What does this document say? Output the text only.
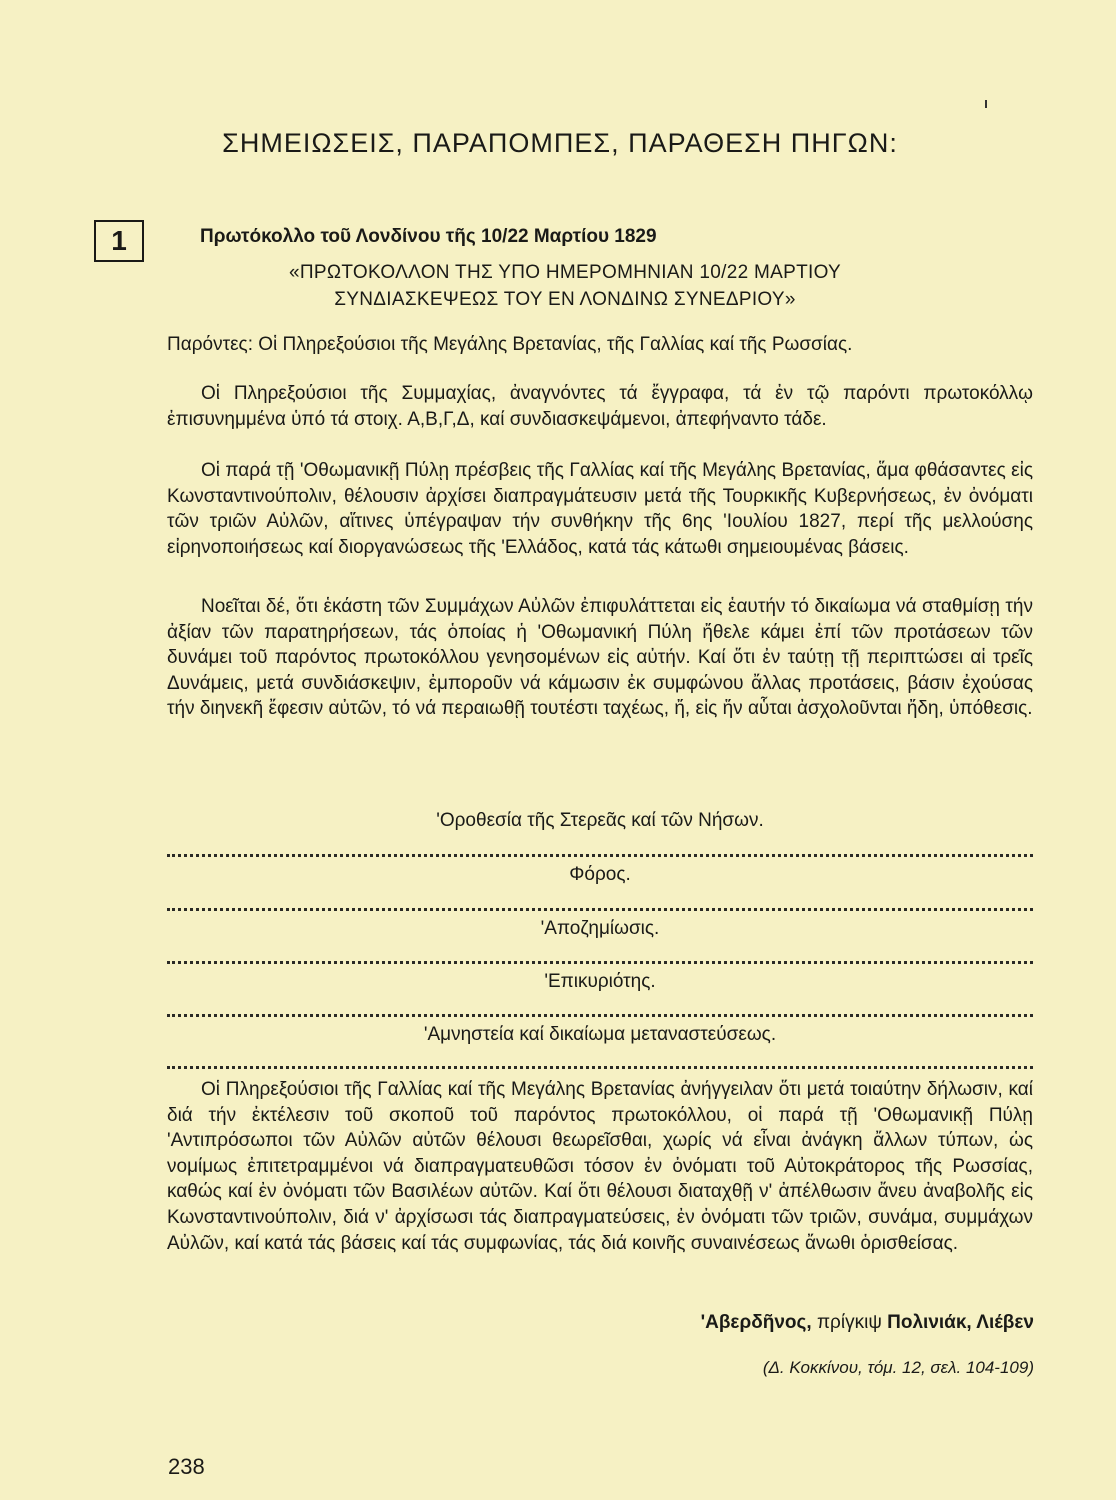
ΣΗΜΕΙΩΣΕΙΣ, ΠΑΡΑΠΟΜΠΕΣ, ΠΑΡΑΘΕΣΗ ΠΗΓΩΝ:
1	Πρωτόκολλο τοῦ Λονδίνου τῆς 10/22 Μαρτίου 1829
«ΠΡΩΤΟΚΟΛΛΟΝ ΤΗΣ ΥΠΟ ΗΜΕΡΟΜΗΝΙΑΝ 10/22 ΜΑΡΤΙΟΥ
ΣΥΝΔΙΑΣΚΕΨΕΩΣ ΤΟΥ ΕΝ ΛΟΝΔΙΝΩ ΣΥΝΕΔΡΙΟΥ»

Παρόντες: Οἱ Πληρεξούσιοι τῆς Μεγάλης Βρετανίας, τῆς Γαλλίας καί τῆς Ρωσσίας.

Οἱ Πληρεξούσιοι τῆς Συμμαχίας, ἀναγνόντες τά ἔγγραφα, τά ἐν τῷ παρόντι πρωτοκόλλῳ ἐπισυνημμένα ὑπό τά στοιχ. Α,Β,Γ,Δ, καί συνδιασκεψάμενοι, ἀπεφήναντο τάδε.

Οἱ παρά τῇ 'Οθωμανικῇ Πύλῃ πρέσβεις τῆς Γαλλίας καί τῆς Μεγάλης Βρετανίας, ἅμα φθάσαντες εἰς Κωνσταντινούπολιν, θέλουσιν ἀρχίσει διαπραγμάτευσιν μετά τῆς Τουρκικῆς Κυβερνήσεως, ἐν ὀνόματι τῶν τριῶν Αὐλῶν, αἵτινες ὑπέγραψαν τήν συνθήκην τῆς 6ης 'Ιουλίου 1827, περί τῆς μελλούσης εἰρηνοποιήσεως καί διοργανώσεως τῆς 'Ελλάδος, κατά τάς κάτωθι σημειουμένας βάσεις.

Νοεῖται δέ, ὅτι ἑκάστη τῶν Συμμάχων Αὐλῶν ἐπιφυλάττεται εἰς ἑαυτήν τό δικαίωμα νά σταθμίσῃ τήν ἀξίαν τῶν παρατηρήσεων, τάς ὁποίας ἡ 'Οθωμανική Πύλη ἤθελε κάμει ἐπί τῶν προτάσεων τῶν δυνάμει τοῦ παρόντος πρωτοκόλλου γενησομένων εἰς αὐτήν. Καί ὅτι ἐν ταύτῃ τῇ περιπτώσει αἱ τρεῖς Δυνάμεις, μετά συνδιάσκεψιν, ἐμποροῦν νά κάμωσιν ἐκ συμφώνου ἄλλας προτάσεις, βάσιν ἐχούσας τήν διηνεκῆ ἔφεσιν αὐτῶν, τό νά περαιωθῇ τουτέστι ταχέως, ἤ, εἰς ἥν αὗται ἀσχολοῦνται ἤδη, ὑπόθεσις.

'Οροθεσία τῆς Στερεᾶς καί τῶν Νήσων.
Φόρος.
'Αποζημίωσις.
'Επικυριότης.
'Αμνηστεία καί δικαίωμα μεταναστεύσεως.

Οἱ Πληρεξούσιοι τῆς Γαλλίας καί τῆς Μεγάλης Βρετανίας ἀνήγγειλαν ὅτι μετά τοιαύτην δήλωσιν, καί διά τήν ἐκτέλεσιν τοῦ σκοποῦ τοῦ παρόντος πρωτοκόλλου, οἱ παρά τῇ 'Οθωμανικῇ Πύλῃ 'Αντιπρόσωποι τῶν Αὐλῶν αὐτῶν θέλουσι θεωρεῖσθαι, χωρίς νά εἶναι ἀνάγκη ἄλλων τύπων, ὡς νομίμως ἐπιτετραμμένοι νά διαπραγματευθῶσι τόσον ἐν ὀνόματι τοῦ Αὐτοκράτορος τῆς Ρωσσίας, καθώς καί ἐν ὀνόματι τῶν Βασιλέων αὐτῶν. Καί ὅτι θέλουσι διαταχθῇ ν' ἀπέλθωσιν ἄνευ ἀναβολῆς εἰς Κωνσταντινούπολιν, διά ν' ἀρχίσωσι τάς διαπραγματεύσεις, ἐν ὀνόματι τῶν τριῶν, συνάμα, συμμάχων Αὐλῶν, καί κατά τάς βάσεις καί τάς συμφωνίας, τάς διά κοινῆς συναινέσεως ἄνωθι ὁρισθείσας.

'Αβερδῆνος, πρίγκιψ Πολινιάκ, Λιέβεν
(Δ. Κοκκίνου, τόμ. 12, σελ. 104-109)
238
